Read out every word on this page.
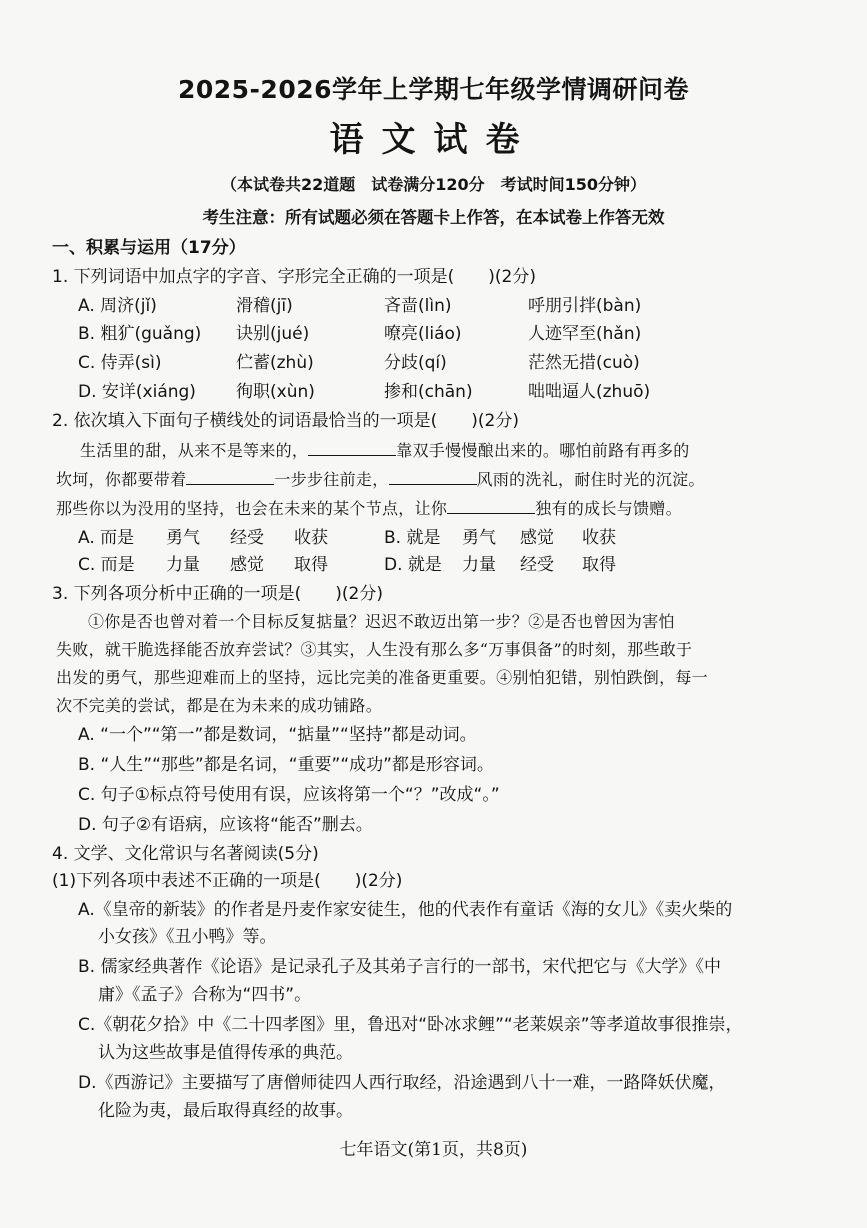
2025-2026学年上学期七年级学情调研问卷
语文试卷
（本试卷共22道题　试卷满分120分　考试时间150分钟）
考生注意：所有试题必须在答题卡上作答，在本试卷上作答无效
一、积累与运用（17分）
1. 下列词语中加点字的字音、字形完全正确的一项是(　　)(2分)
A. 周济(jǐ)	滑稽(jī)	吝啬(lìn)	呼朋引拌(bàn)
B. 粗犷(guǎng) 诀别(jué)	嘹亮(liáo)	人迹罕至(hǎn)
C. 侍弄(sì)	伫蓄(zhù)	分歧(qí)	茫然无措(cuò)
D. 安详(xiáng) 徇职(xùn)	掺和(chān)	咄咄逼人(zhuō)
2. 依次填入下面句子横线处的词语最恰当的一项是(　　)(2分)
生活里的甜，从来不是等来的，	靠双手慢慢酿出来的。哪怕前路有再多的
坎坷，你都要带着	一步步往前走，	风雨的洗礼，耐住时光的沉淀。
那些你以为没用的坚持，也会在未来的某个节点，让你	独有的成长与馈赠。
A. 而是 勇气 经受 收获	B. 就是 勇气 感觉 收获
C. 而是 力量 感觉 取得	D. 就是 力量 经受 取得
3. 下列各项分析中正确的一项是(　　)(2分)
①你是否也曾对着一个目标反复掂量？迟迟不敢迈出第一步？②是否也曾因为害怕
失败，就干脆选择能否放弃尝试？③其实，人生没有那么多“万事俱备”的时刻，那些敢于
出发的勇气，那些迎难而上的坚持，远比完美的准备更重要。④别怕犯错，别怕跌倒，每一
次不完美的尝试，都是在为未来的成功铺路。
A. “一个”“第一”都是数词，“掂量”“坚持”都是动词。
B. “人生”“那些”都是名词，“重要”“成功”都是形容词。
C. 句子①标点符号使用有误，应该将第一个“？”改成“。”
D. 句子②有语病，应该将“能否”删去。
4. 文学、文化常识与名著阅读(5分)
(1)下列各项中表述不正确的一项是(　　)(2分)
A.《皇帝的新装》的作者是丹麦作家安徒生，他的代表作有童话《海的女儿》《卖火柴的
小女孩》《丑小鸭》等。
B. 儒家经典著作《论语》是记录孔子及其弟子言行的一部书，宋代把它与《大学》《中
庸》《孟子》合称为“四书”。
C.《朝花夕拾》中《二十四孝图》里，鲁迅对“卧冰求鲤”“老莱娱亲”等孝道故事很推崇，
认为这些故事是值得传承的典范。
D.《西游记》主要描写了唐僧师徒四人西行取经，沿途遇到八十一难，一路降妖伏魔，
化险为夷，最后取得真经的故事。
七年语文(第1页，共8页)
